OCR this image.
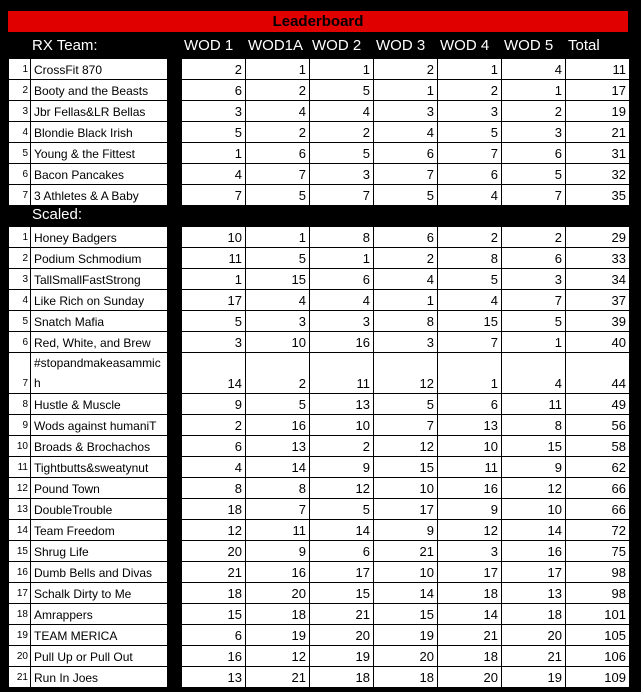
Leaderboard
RX Team:	WOD 1 WOD1A WOD 2 WOD 3 WOD 4 WOD 5 Total
1	CrossFit 870		2	1	1	2	1	4	11
2	Booty and the Beasts		6	2	5	1	2	1	17
3	Jbr Fellas&LR Bellas		3	4	4	3	3	2	19
4	Blondie Black Irish		5	2	2	4	5	3	21
5	Young & the Fittest		1	6	5	6	7	6	31
6	Bacon Pancakes		4	7	3	7	6	5	32
7	3 Athletes & A Baby		7	5	7	5	4	7	35
Scaled:
1	Honey Badgers		10	1	8	6	2	2	29
2	Podium Schmodium		11	5	1	2	8	6	33
3	TallSmallFastStrong		1	15	6	4	5	3	34
4	Like Rich on Sunday		17	4	4	1	4	7	37
5	Snatch Mafia		5	3	3	8	15	5	39
6	Red, White, and Brew		3	10	16	3	7	1	40
7	#stopandmakeasammich		14	2	11	12	1	4	44
8	Hustle & Muscle		9	5	13	5	6	11	49
9	Wods against humaniT		2	16	10	7	13	8	56
10	Broads & Brochachos		6	13	2	12	10	15	58
11	Tightbutts&sweatynut		4	14	9	15	11	9	62
12	Pound Town		8	8	12	10	16	12	66
13	DoubleTrouble		18	7	5	17	9	10	66
14	Team Freedom		12	11	14	9	12	14	72
15	Shrug Life		20	9	6	21	3	16	75
16	Dumb Bells and Divas		21	16	17	10	17	17	98
17	Schalk Dirty to Me		18	20	15	14	18	13	98
18	Amrappers		15	18	21	15	14	18	101
19	TEAM MERICA		6	19	20	19	21	20	105
20	Pull Up or Pull Out		16	12	19	20	18	21	106
21	Run In Joes		13	21	18	18	20	19	109
